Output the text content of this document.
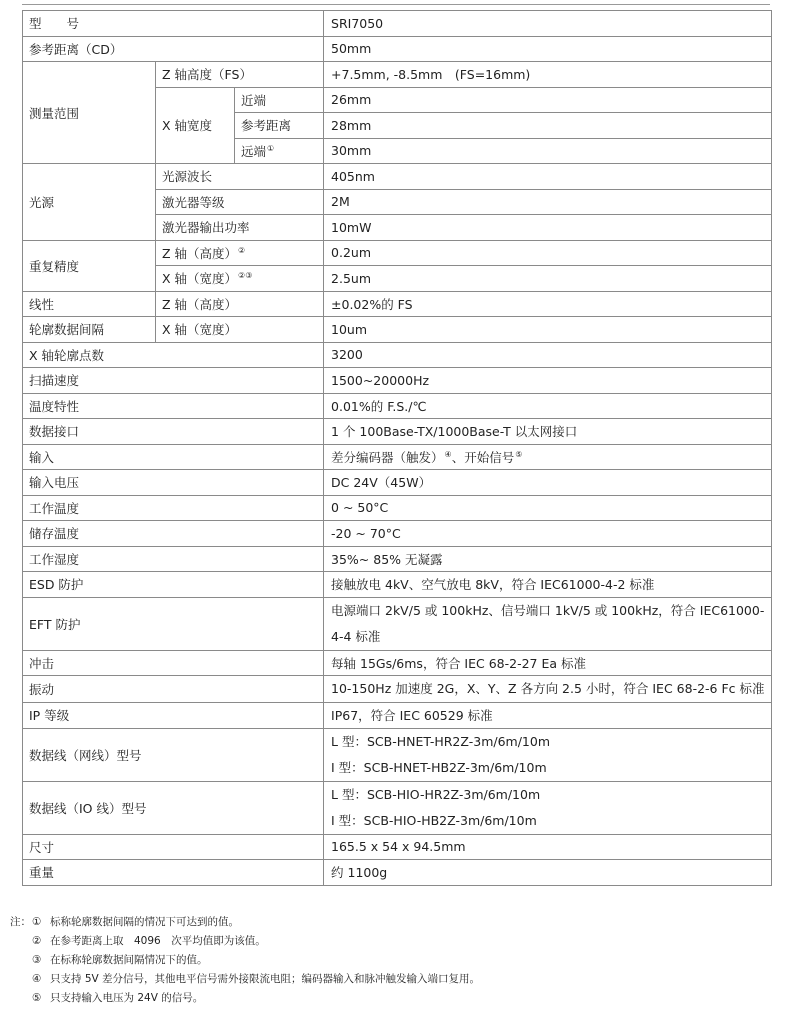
型　　号			SRI7050
参考距离（CD）			50mm
测量范围	Z 轴高度（FS）		+7.5mm, -8.5mm　(FS=16mm)
	X 轴宽度	近端	26mm
		参考距离	28mm
		远端①	30mm
光源	光源波长		405nm
	激光器等级		2M
	激光器输出功率		10mW
重复精度	Z 轴（高度）②		0.2um
	X 轴（宽度）②③		2.5um
线性	Z 轴（高度）		±0.02%的 FS
轮廓数据间隔	X 轴（宽度）		10um
X 轴轮廓点数			3200
扫描速度			1500~20000Hz
温度特性			0.01%的 F.S./℃
数据接口			1 个 100Base-TX/1000Base-T 以太网接口
输入			差分编码器（触发）④、开始信号⑤
输入电压			DC 24V（45W）
工作温度			0 ~ 50°C
储存温度			-20 ~ 70°C
工作湿度			35%~ 85% 无凝露
ESD 防护			接触放电 4kV、空气放电 8kV，符合 IEC61000-4-2 标准
EFT 防护			电源端口 2kV/5 或 100kHz、信号端口 1kV/5 或 100kHz，符合 IEC61000-4-4 标准
冲击			每轴 15Gs/6ms，符合 IEC 68-2-27 Ea 标准
振动			10-150Hz 加速度 2G，X、Y、Z 各方向 2.5 小时，符合 IEC 68-2-6 Fc 标准
IP 等级			IP67，符合 IEC 60529 标准
数据线（网线）型号			L 型：SCB-HNET-HR2Z-3m/6m/10m
I 型：SCB-HNET-HB2Z-3m/6m/10m

数据线（IO 线）型号			L 型：SCB-HIO-HR2Z-3m/6m/10m
I 型：SCB-HIO-HB2Z-3m/6m/10m

尺寸			165.5 x 54 x 94.5mm
重量			约 1100g
注： ① 标称轮廓数据间隔的情况下可达到的值。
② 在参考距离上取　4096　次平均值即为该值。
③ 在标称轮廓数据间隔情况下的值。
④ 只支持 5V 差分信号，其他电平信号需外接限流电阻；编码器输入和脉冲触发输入端口复用。
⑤ 只支持输入电压为 24V 的信号。
